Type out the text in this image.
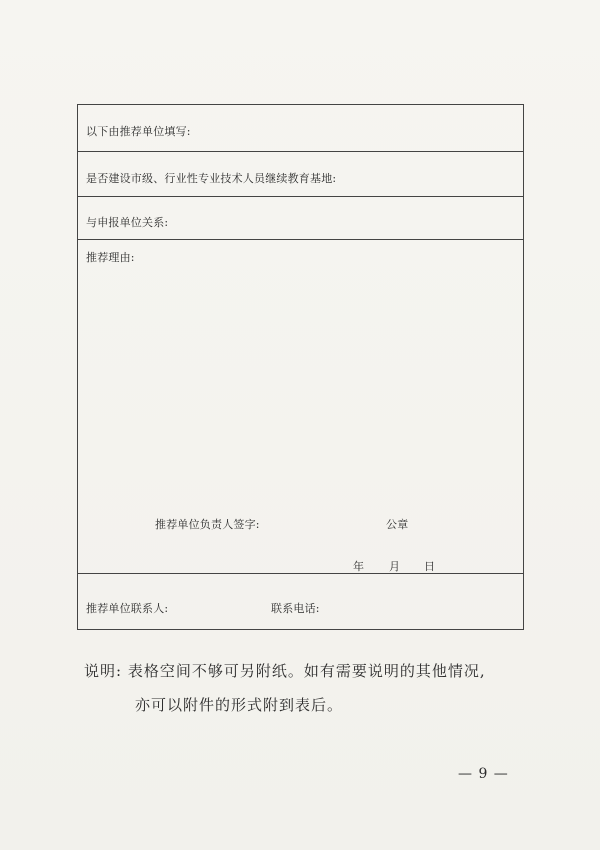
以下由推荐单位填写:
是否建设市级、行业性专业技术人员继续教育基地:
与申报单位关系:
推荐理由:
推荐单位负责人签字:	公章
年 月 日
推荐单位联系人:	联系电话:
说明: 表格空间不够可另附纸。如有需要说明的其他情况,
亦可以附件的形式附到表后。
— 9 —
